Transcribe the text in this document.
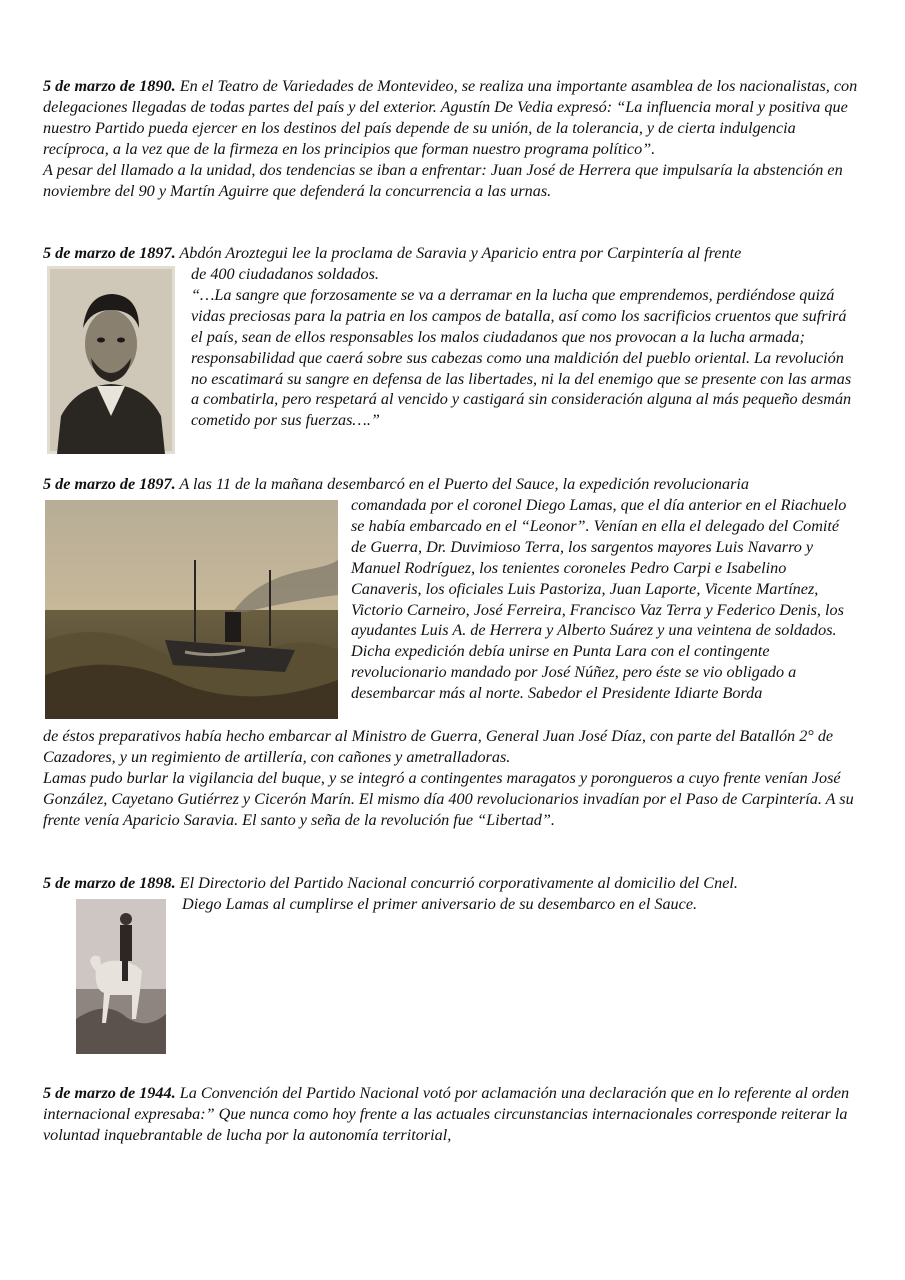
5 de marzo de 1890. En el Teatro de Variedades de Montevideo, se realiza una importante asamblea de los nacionalistas, con delegaciones llegadas de todas partes del país y del exterior. Agustín De Vedia expresó: “La influencia moral y positiva que nuestro Partido pueda ejercer en los destinos del país depende de su unión, de la tolerancia, y de cierta indulgencia recíproca, a la vez que de la firmeza en los principios que forman nuestro programa político”.

A pesar del llamado a la unidad, dos tendencias se iban a enfrentar: Juan José de Herrera que impulsaría la abstención en noviembre del 90 y Martín Aguirre que defenderá la concurrencia a las urnas.

5 de marzo de 1897. Abdón Aroztegui lee la proclama de Saravia y Aparicio entra por Carpintería al frente

de 400 ciudadanos soldados.

“…La sangre que forzosamente se va a derramar en la lucha que emprendemos, perdiéndose quizá vidas preciosas para la patria en los campos de batalla, así como los sacrificios cruentos que sufrirá el país, sean de ellos responsables los malos ciudadanos que nos provocan a la lucha armada; responsabilidad que caerá sobre sus cabezas como una maldición del pueblo oriental. La revolución no escatimará su sangre en defensa de las libertades, ni la del enemigo que se presente con las armas a combatirla, pero respetará al vencido y castigará sin consideración alguna al más pequeño desmán cometido por sus fuerzas….”

5 de marzo de 1897. A las 11 de la mañana desembarcó en el Puerto del Sauce, la expedición revolucionaria

comandada por el coronel Diego Lamas, que el día anterior en el Riachuelo se había embarcado en el “Leonor”. Venían en ella el delegado del Comité de Guerra, Dr. Duvimioso Terra, los sargentos mayores Luis Navarro y Manuel Rodríguez, los tenientes coroneles Pedro Carpi e Isabelino Canaveris, los oficiales Luis Pastoriza, Juan Laporte, Vicente Martínez, Victorio Carneiro, José Ferreira, Francisco Vaz Terra y Federico Denis, los ayudantes Luis A. de Herrera y Alberto Suárez y una veintena de soldados.

Dicha expedición debía unirse en Punta Lara con el contingente revolucionario mandado por José Núñez, pero éste se vio obligado a desembarcar más al norte. Sabedor el Presidente Idiarte Borda

de éstos preparativos había hecho embarcar al Ministro de Guerra, General Juan José Díaz, con parte del Batallón 2° de Cazadores, y un regimiento de artillería, con cañones y ametralladoras.

Lamas pudo burlar la vigilancia del buque, y se integró a contingentes maragatos y porongueros a cuyo frente venían José González, Cayetano Gutiérrez y Cicerón Marín. El mismo día 400 revolucionarios invadían por el Paso de Carpintería. A su frente venía Aparicio Saravia. El santo y seña de la revolución fue “Libertad”.

5 de marzo de 1898. El Directorio del Partido Nacional concurrió corporativamente al domicilio del Cnel.

Diego Lamas al cumplirse el primer aniversario de su desembarco en el Sauce.

5 de marzo de 1944. La Convención del Partido Nacional votó por aclamación una declaración que en lo referente al orden internacional expresaba:” Que nunca como hoy frente a las actuales circunstancias internacionales corresponde reiterar la voluntad inquebrantable de lucha por la autonomía territorial,
